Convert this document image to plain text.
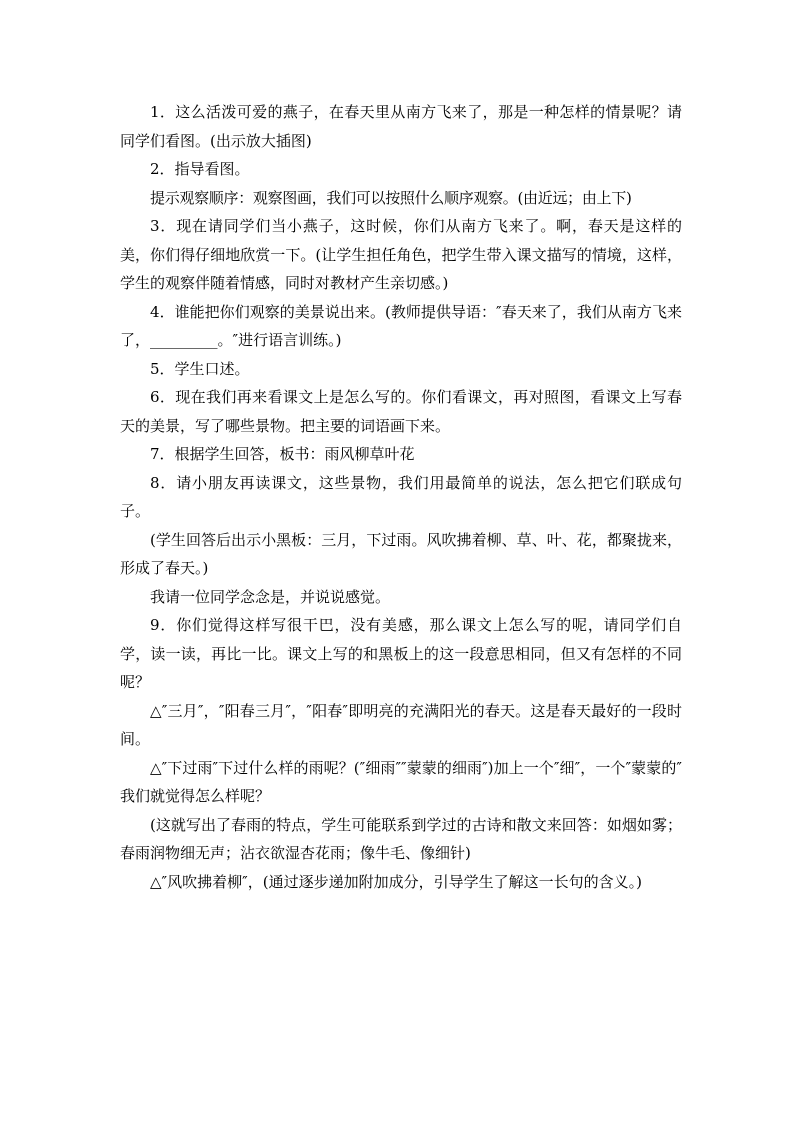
1．这么活泼可爱的燕子，在春天里从南方飞来了，那是一种怎样的情景呢？请同学们看图。(出示放大插图)

2．指导看图。

提示观察顺序：观察图画，我们可以按照什么顺序观察。(由近远；由上下)

3．现在请同学们当小燕子，这时候，你们从南方飞来了。啊，春天是这样的美，你们得仔细地欣赏一下。(让学生担任角色，把学生带入课文描写的情境，这样，学生的观察伴随着情感，同时对教材产生亲切感。)

4．谁能把你们观察的美景说出来。(教师提供导语：″春天来了，我们从南方飞来了，_________。″进行语言训练。)

5．学生口述。

6．现在我们再来看课文上是怎么写的。你们看课文，再对照图，看课文上写春天的美景，写了哪些景物。把主要的词语画下来。

7．根据学生回答，板书：雨风柳草叶花

8．请小朋友再读课文，这些景物，我们用最简单的说法，怎么把它们联成句子。

(学生回答后出示小黑板：三月，下过雨。风吹拂着柳、草、叶、花，都聚拢来，形成了春天。)

我请一位同学念念是，并说说感觉。

9．你们觉得这样写很干巴，没有美感，那么课文上怎么写的呢，请同学们自学，读一读，再比一比。课文上写的和黑板上的这一段意思相同，但又有怎样的不同呢？

△″三月″，″阳春三月″，″阳春″即明亮的充满阳光的春天。这是春天最好的一段时间。

△″下过雨″下过什么样的雨呢？(″细雨″″蒙蒙的细雨″)加上一个″细″，一个″蒙蒙的″我们就觉得怎么样呢？

(这就写出了春雨的特点，学生可能联系到学过的古诗和散文来回答：如烟如雾；春雨润物细无声；沾衣欲湿杏花雨；像牛毛、像细针)

△″风吹拂着柳″，(通过逐步递加附加成分，引导学生了解这一长句的含义。)
